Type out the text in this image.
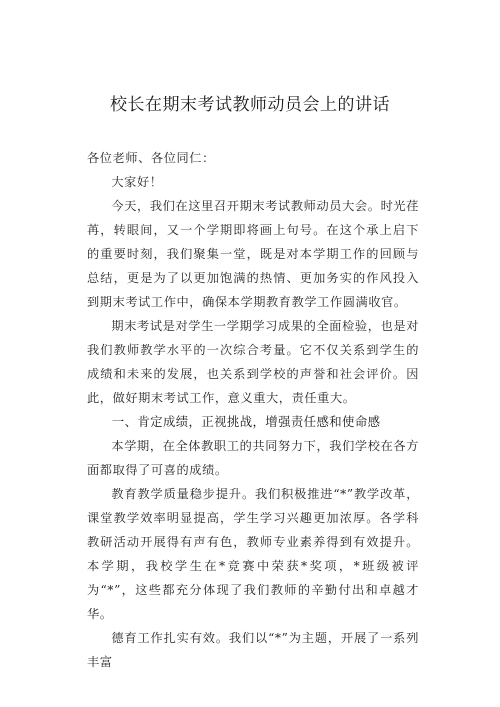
校长在期末考试教师动员会上的讲话

各位老师、各位同仁：

大家好！

今天，我们在这里召开期末考试教师动员大会。时光荏苒，转眼间，又一个学期即将画上句号。在这个承上启下的重要时刻，我们聚集一堂，既是对本学期工作的回顾与总结，更是为了以更加饱满的热情、更加务实的作风投入到期末考试工作中，确保本学期教育教学工作圆满收官。

期末考试是对学生一学期学习成果的全面检验，也是对我们教师教学水平的一次综合考量。它不仅关系到学生的成绩和未来的发展，也关系到学校的声誉和社会评价。因此，做好期末考试工作，意义重大，责任重大。

一、肯定成绩，正视挑战，增强责任感和使命感

本学期，在全体教职工的共同努力下，我们学校在各方面都取得了可喜的成绩。

教育教学质量稳步提升。我们积极推进“*”教学改革，课堂教学效率明显提高，学生学习兴趣更加浓厚。各学科教研活动开展得有声有色，教师专业素养得到有效提升。本学期，我校学生在*竞赛中荣获*奖项，*班级被评为“*”，这些都充分体现了我们教师的辛勤付出和卓越才华。

德育工作扎实有效。我们以“*”为主题，开展了一系列丰富
